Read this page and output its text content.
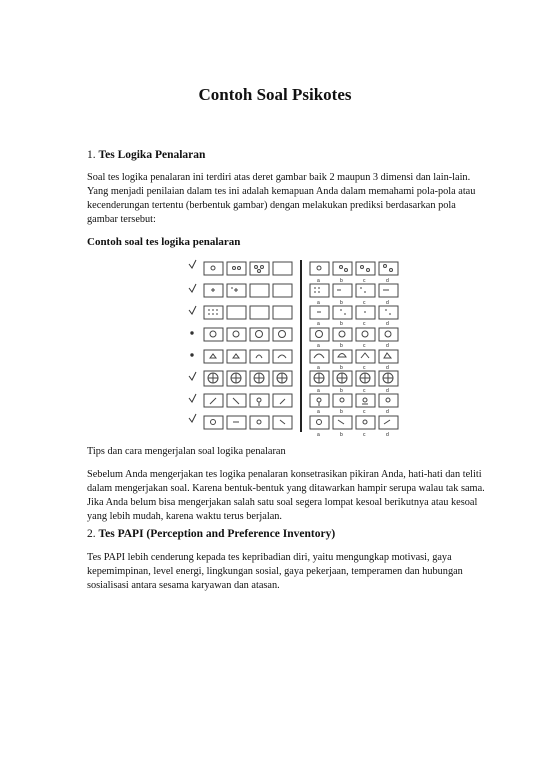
Contoh Soal Psikotes
1. Tes Logika Penalaran

Soal tes logika penalaran ini terdiri atas deret gambar baik 2 maupun 3 dimensi dan lain-lain. Yang menjadi penilaian dalam tes ini adalah kemapuan Anda dalam memahami pola-pola atau kecenderungan tertentu (berbentuk gambar) dengan melakukan prediksi berdasarkan pola gambar tersebut:

Contoh soal tes logika penalaran
a	b	c	d
a	b	c	d
a	b	c	d
a	b	c	d
a	b	c	d
a	b	c	d
a	b	c	d
a	b	c	d
Tips dan cara mengerjalan soal logika penalaran

Sebelum Anda mengerjakan tes logika penalaran konsetrasikan pikiran Anda, hati-hati dan teliti dalam mengerjakan soal. Karena bentuk-bentuk yang ditawarkan hampir serupa walau tak sama. Jika Anda belum bisa mengerjakan salah satu soal segera lompat kesoal berikutnya atau kesoal yang lebih mudah, karena waktu terus berjalan.

2. Tes PAPI (Perception and Preference Inventory)

Tes PAPI lebih cenderung kepada tes kepribadian diri, yaitu mengungkap motivasi, gaya kepemimpinan, level energi, lingkungan sosial, gaya pekerjaan, temperamen dan hubungan sosialisasi antara sesama karyawan dan atasan.
